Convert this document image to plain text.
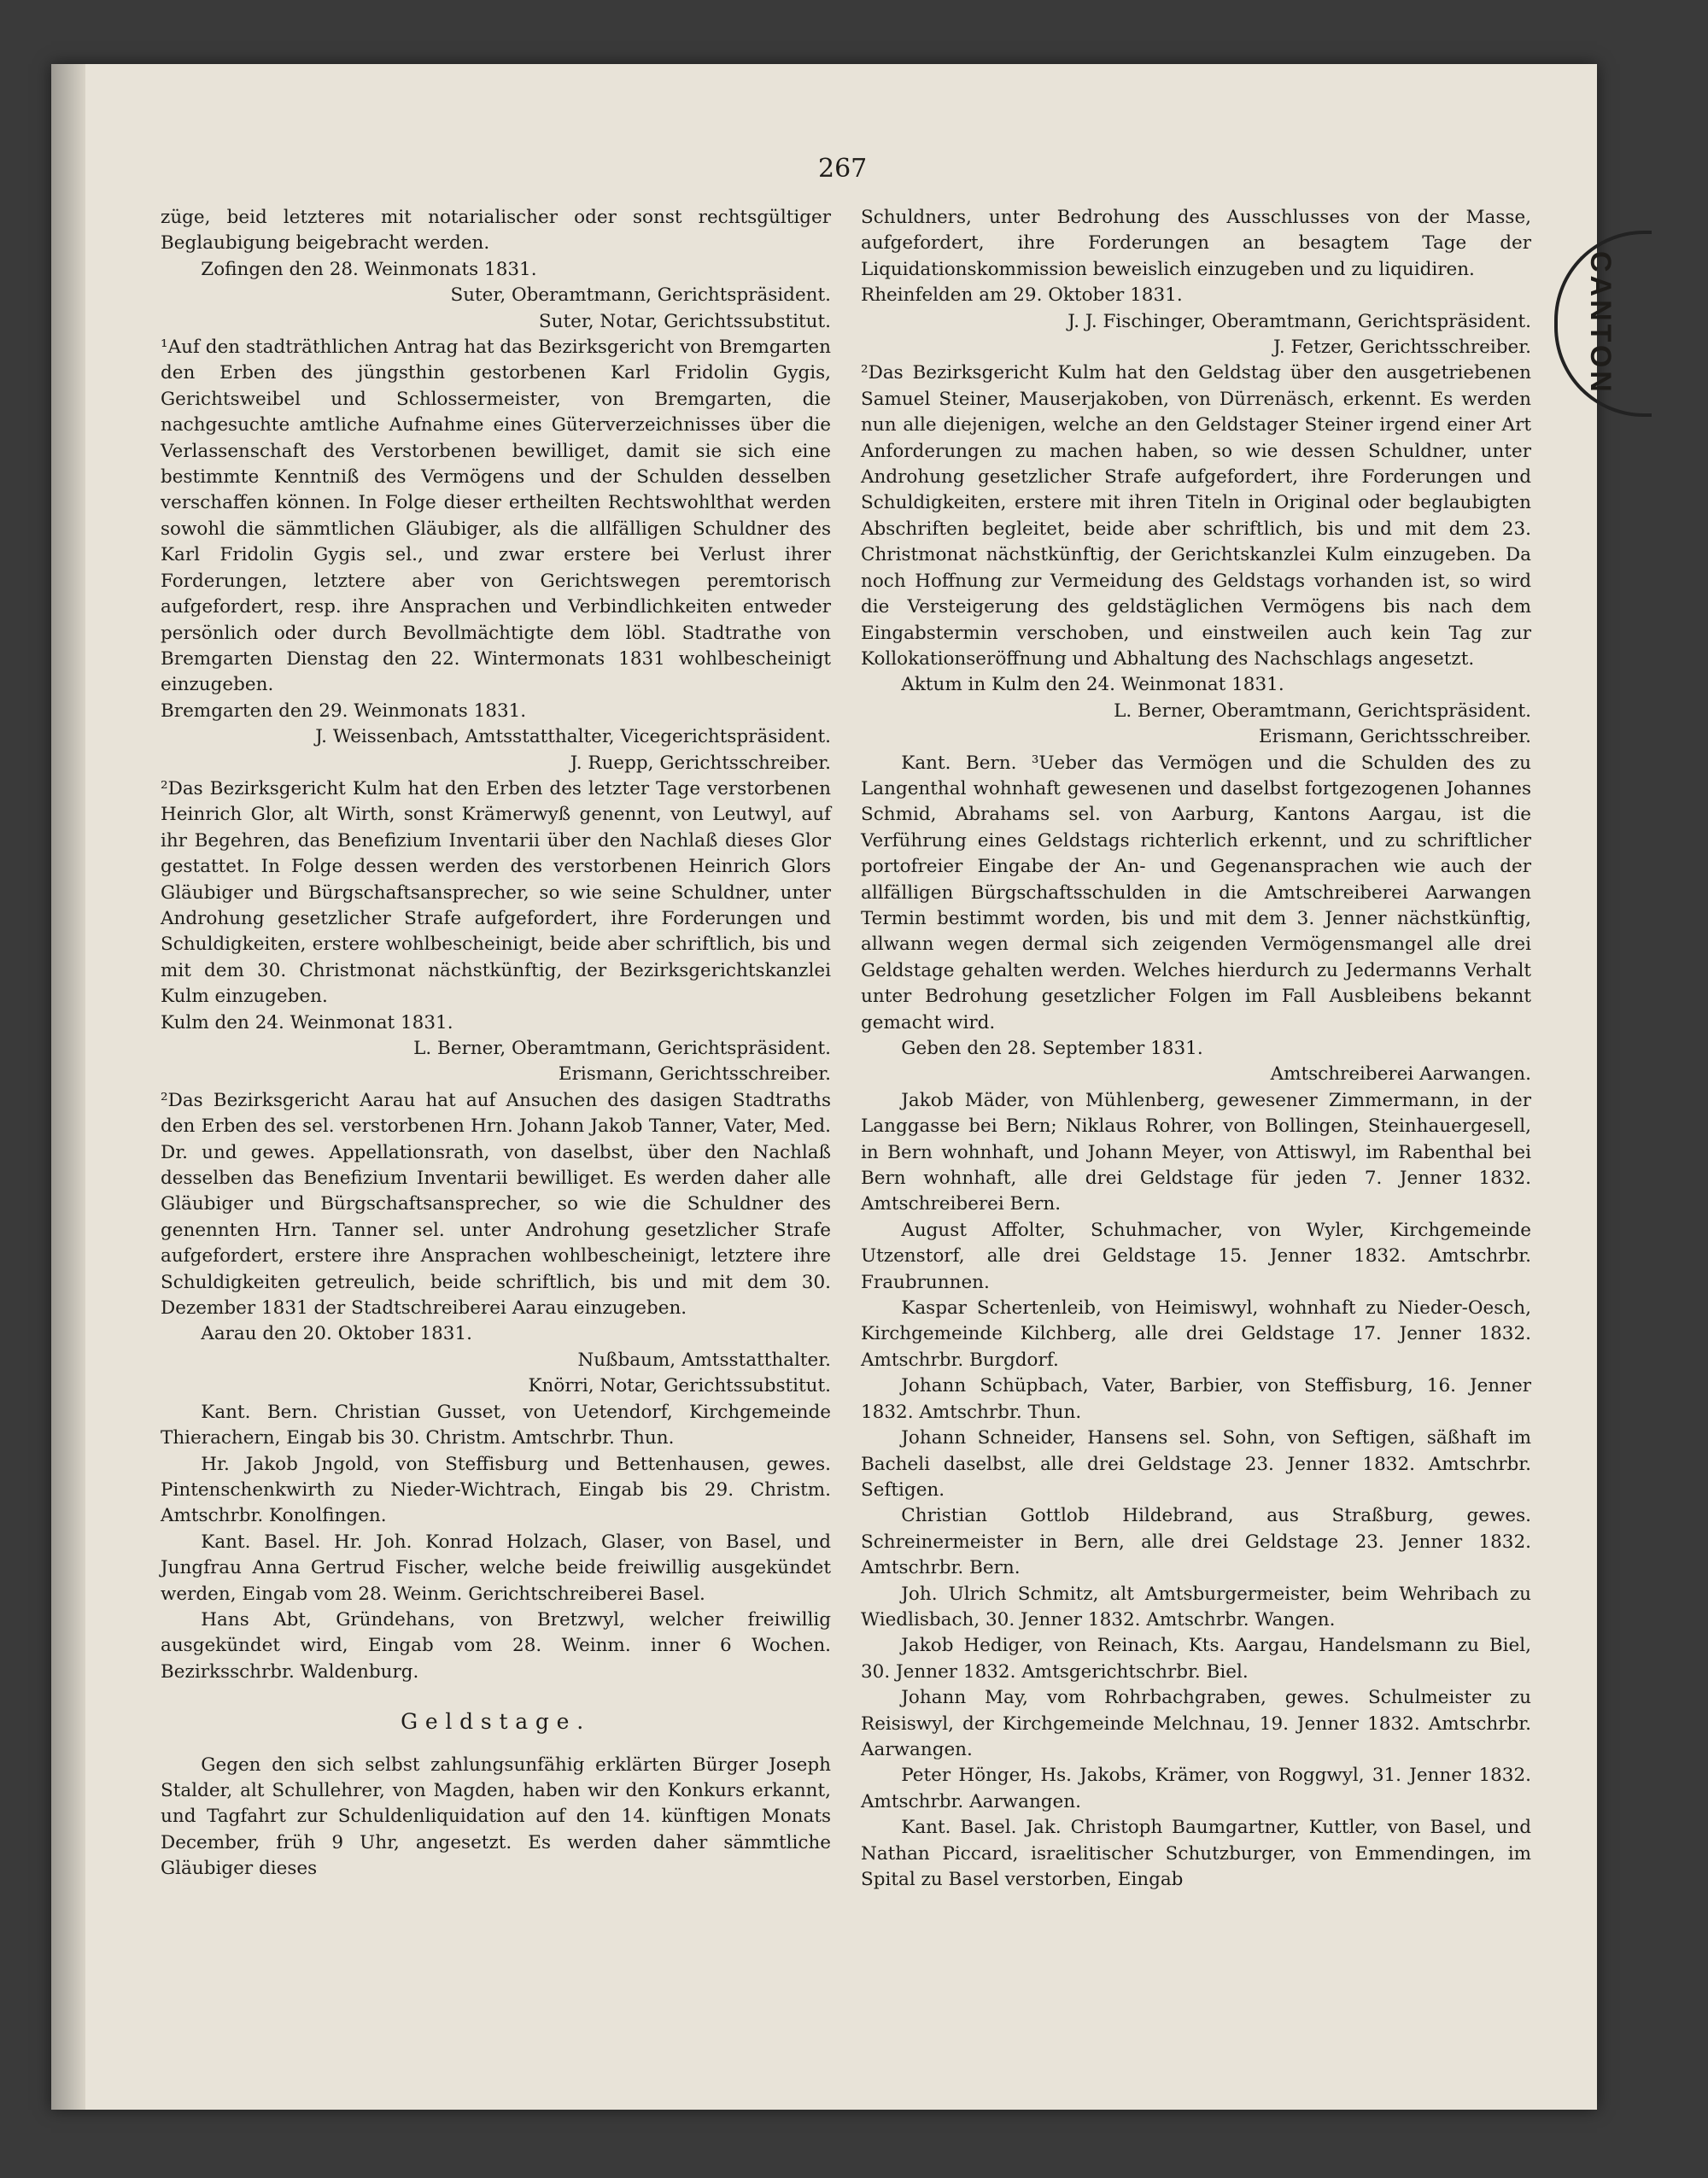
CANTON
267
züge, beid letzteres mit notarialischer oder sonst rechtsgültiger Beglaubigung beigebracht werden.
Zofingen den 28. Weinmonats 1831.
Suter, Oberamtmann, Gerichtspräsident.
Suter, Notar, Gerichtssubstitut.
¹Auf den stadträthlichen Antrag hat das Bezirksgericht von Bremgarten den Erben des jüngsthin gestorbenen Karl Fridolin Gygis, Gerichtsweibel und Schlossermeister, von Bremgarten, die nachgesuchte amtliche Aufnahme eines Güterverzeichnisses über die Verlassenschaft des Verstorbenen bewilliget, damit sie sich eine bestimmte Kenntniß des Vermögens und der Schulden desselben verschaffen können. In Folge dieser ertheilten Rechtswohlthat werden sowohl die sämmtlichen Gläubiger, als die allfälligen Schuldner des Karl Fridolin Gygis sel., und zwar erstere bei Verlust ihrer Forderungen, letztere aber von Gerichtswegen peremtorisch aufgefordert, resp. ihre Ansprachen und Verbindlichkeiten entweder persönlich oder durch Bevollmächtigte dem löbl. Stadtrathe von Bremgarten Dienstag den 22. Wintermonats 1831 wohlbescheinigt einzugeben.
Bremgarten den 29. Weinmonats 1831.
J. Weissenbach, Amtsstatthalter, Vicegerichtspräsident.
J. Ruepp, Gerichtsschreiber.
²Das Bezirksgericht Kulm hat den Erben des letzter Tage verstorbenen Heinrich Glor, alt Wirth, sonst Krämerwyß genennt, von Leutwyl, auf ihr Begehren, das Benefizium Inventarii über den Nachlaß dieses Glor gestattet. In Folge dessen werden des verstorbenen Heinrich Glors Gläubiger und Bürgschaftsansprecher, so wie seine Schuldner, unter Androhung gesetzlicher Strafe aufgefordert, ihre Forderungen und Schuldigkeiten, erstere wohlbescheinigt, beide aber schriftlich, bis und mit dem 30. Christmonat nächstkünftig, der Bezirksgerichtskanzlei Kulm einzugeben.
Kulm den 24. Weinmonat 1831.
L. Berner, Oberamtmann, Gerichtspräsident.
Erismann, Gerichtsschreiber.
²Das Bezirksgericht Aarau hat auf Ansuchen des dasigen Stadtraths den Erben des sel. verstorbenen Hrn. Johann Jakob Tanner, Vater, Med. Dr. und gewes. Appellationsrath, von daselbst, über den Nachlaß desselben das Benefizium Inventarii bewilliget. Es werden daher alle Gläubiger und Bürgschaftsansprecher, so wie die Schuldner des genennten Hrn. Tanner sel. unter Androhung gesetzlicher Strafe aufgefordert, erstere ihre Ansprachen wohlbescheinigt, letztere ihre Schuldigkeiten getreulich, beide schriftlich, bis und mit dem 30. Dezember 1831 der Stadtschreiberei Aarau einzugeben.
Aarau den 20. Oktober 1831.
Nußbaum, Amtsstatthalter.
Knörri, Notar, Gerichtssubstitut.
Kant. Bern. Christian Gusset, von Uetendorf, Kirchgemeinde Thierachern, Eingab bis 30. Christm. Amtschrbr. Thun.
Hr. Jakob Jngold, von Steffisburg und Bettenhausen, gewes. Pintenschenkwirth zu Nieder-Wichtrach, Eingab bis 29. Christm. Amtschrbr. Konolfingen.
Kant. Basel. Hr. Joh. Konrad Holzach, Glaser, von Basel, und Jungfrau Anna Gertrud Fischer, welche beide freiwillig ausgekündet werden, Eingab vom 28. Weinm. Gerichtschreiberei Basel.
Hans Abt, Gründehans, von Bretzwyl, welcher freiwillig ausgekündet wird, Eingab vom 28. Weinm. inner 6 Wochen. Bezirksschrbr. Waldenburg.
Geldstage.
Gegen den sich selbst zahlungsunfähig erklärten Bürger Joseph Stalder, alt Schullehrer, von Magden, haben wir den Konkurs erkannt, und Tagfahrt zur Schuldenliquidation auf den 14. künftigen Monats December, früh 9 Uhr, angesetzt. Es werden daher sämmtliche Gläubiger dieses
Schuldners, unter Bedrohung des Ausschlusses von der Masse, aufgefordert, ihre Forderungen an besagtem Tage der Liquidationskommission beweislich einzugeben und zu liquidiren.
Rheinfelden am 29. Oktober 1831.
J. J. Fischinger, Oberamtmann, Gerichtspräsident.
J. Fetzer, Gerichtsschreiber.
²Das Bezirksgericht Kulm hat den Geldstag über den ausgetriebenen Samuel Steiner, Mauserjakoben, von Dürrenäsch, erkennt. Es werden nun alle diejenigen, welche an den Geldstager Steiner irgend einer Art Anforderungen zu machen haben, so wie dessen Schuldner, unter Androhung gesetzlicher Strafe aufgefordert, ihre Forderungen und Schuldigkeiten, erstere mit ihren Titeln in Original oder beglaubigten Abschriften begleitet, beide aber schriftlich, bis und mit dem 23. Christmonat nächstkünftig, der Gerichtskanzlei Kulm einzugeben. Da noch Hoffnung zur Vermeidung des Geldstags vorhanden ist, so wird die Versteigerung des geldstäglichen Vermögens bis nach dem Eingabstermin verschoben, und einstweilen auch kein Tag zur Kollokationseröffnung und Abhaltung des Nachschlags angesetzt.
Aktum in Kulm den 24. Weinmonat 1831.
L. Berner, Oberamtmann, Gerichtspräsident.
Erismann, Gerichtsschreiber.
Kant. Bern. ³Ueber das Vermögen und die Schulden des zu Langenthal wohnhaft gewesenen und daselbst fortgezogenen Johannes Schmid, Abrahams sel. von Aarburg, Kantons Aargau, ist die Verführung eines Geldstags richterlich erkennt, und zu schriftlicher portofreier Eingabe der An- und Gegenansprachen wie auch der allfälligen Bürgschaftsschulden in die Amtschreiberei Aarwangen Termin bestimmt worden, bis und mit dem 3. Jenner nächstkünftig, allwann wegen dermal sich zeigenden Vermögensmangel alle drei Geldstage gehalten werden. Welches hierdurch zu Jedermanns Verhalt unter Bedrohung gesetzlicher Folgen im Fall Ausbleibens bekannt gemacht wird.
Geben den 28. September 1831.
Amtschreiberei Aarwangen.
Jakob Mäder, von Mühlenberg, gewesener Zimmermann, in der Langgasse bei Bern; Niklaus Rohrer, von Bollingen, Steinhauergesell, in Bern wohnhaft, und Johann Meyer, von Attiswyl, im Rabenthal bei Bern wohnhaft, alle drei Geldstage für jeden 7. Jenner 1832. Amtschreiberei Bern.
August Affolter, Schuhmacher, von Wyler, Kirchgemeinde Utzenstorf, alle drei Geldstage 15. Jenner 1832. Amtschrbr. Fraubrunnen.
Kaspar Schertenleib, von Heimiswyl, wohnhaft zu Nieder-Oesch, Kirchgemeinde Kilchberg, alle drei Geldstage 17. Jenner 1832. Amtschrbr. Burgdorf.
Johann Schüpbach, Vater, Barbier, von Steffisburg, 16. Jenner 1832. Amtschrbr. Thun.
Johann Schneider, Hansens sel. Sohn, von Seftigen, säßhaft im Bacheli daselbst, alle drei Geldstage 23. Jenner 1832. Amtschrbr. Seftigen.
Christian Gottlob Hildebrand, aus Straßburg, gewes. Schreinermeister in Bern, alle drei Geldstage 23. Jenner 1832. Amtschrbr. Bern.
Joh. Ulrich Schmitz, alt Amtsburgermeister, beim Wehribach zu Wiedlisbach, 30. Jenner 1832. Amtschrbr. Wangen.
Jakob Hediger, von Reinach, Kts. Aargau, Handelsmann zu Biel, 30. Jenner 1832. Amtsgerichtschrbr. Biel.
Johann May, vom Rohrbachgraben, gewes. Schulmeister zu Reisiswyl, der Kirchgemeinde Melchnau, 19. Jenner 1832. Amtschrbr. Aarwangen.
Peter Hönger, Hs. Jakobs, Krämer, von Roggwyl, 31. Jenner 1832. Amtschrbr. Aarwangen.
Kant. Basel. Jak. Christoph Baumgartner, Kuttler, von Basel, und Nathan Piccard, israelitischer Schutzburger, von Emmendingen, im Spital zu Basel verstorben, Eingab
